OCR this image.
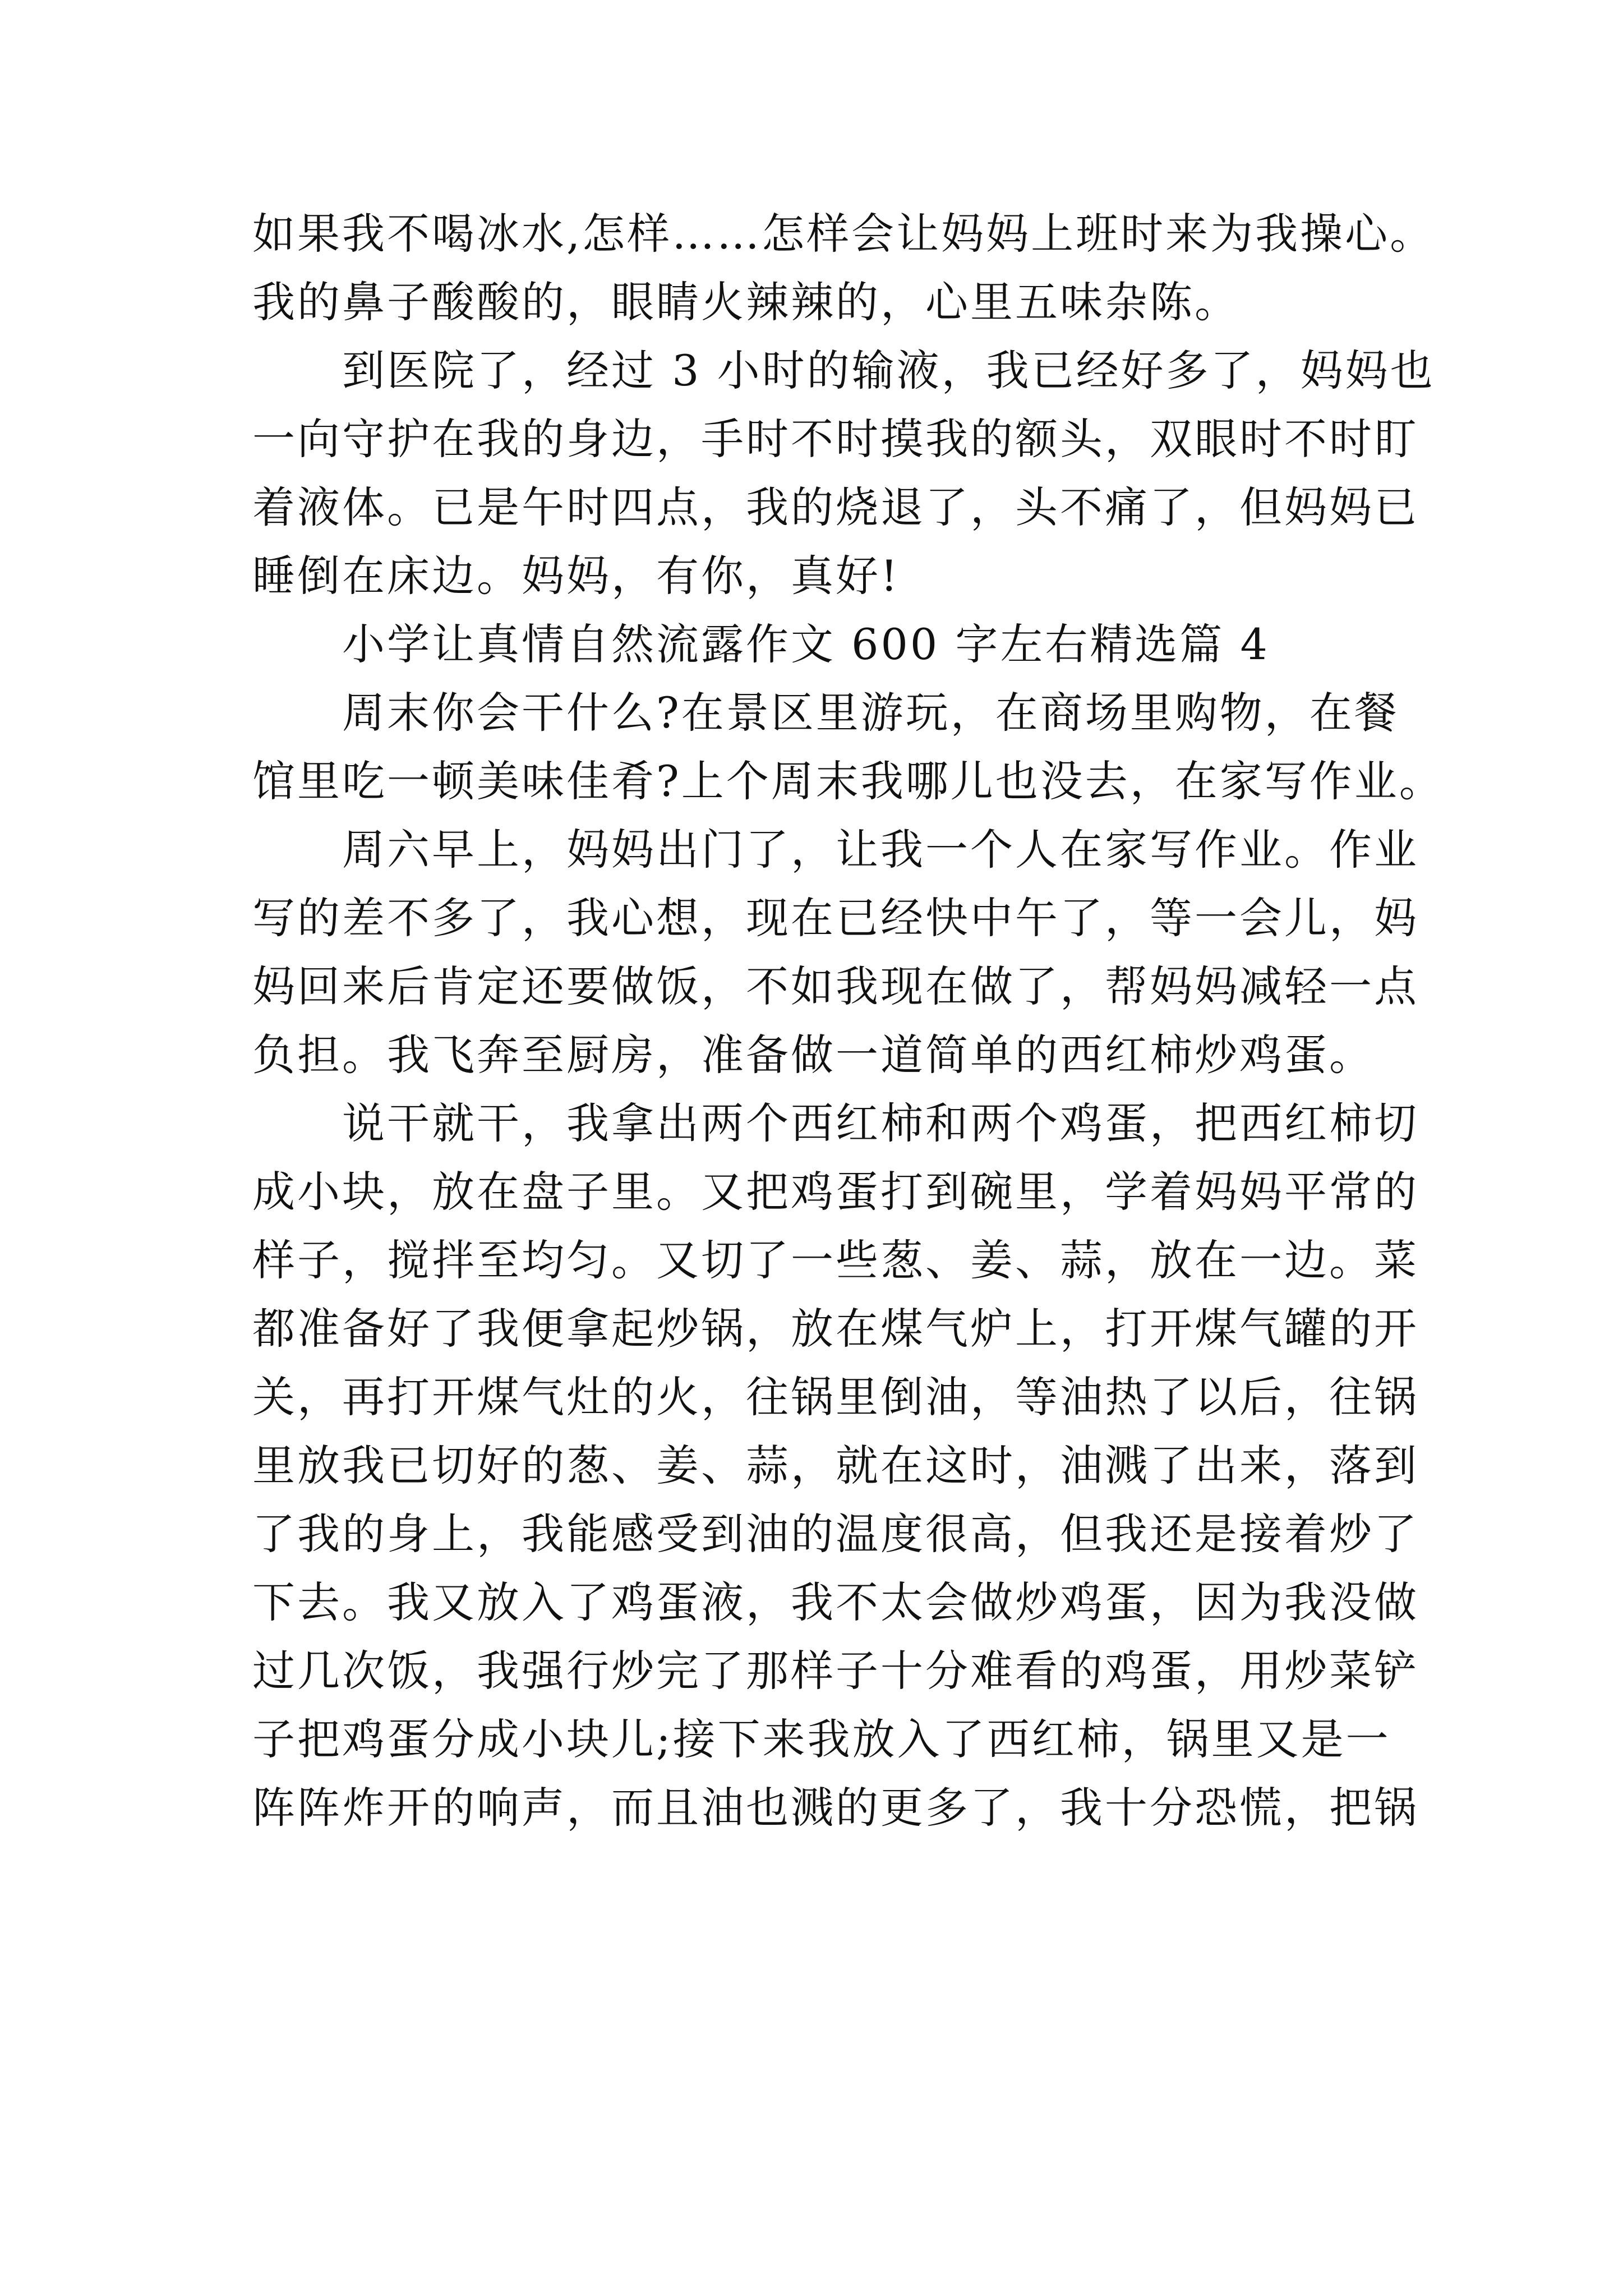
如果我不喝冰水,怎样……怎样会让妈妈上班时来为我操心。
我的鼻子酸酸的，眼睛火辣辣的，心里五味杂陈。
到医院了，经过 3 小时的输液，我已经好多了，妈妈也
一向守护在我的身边，手时不时摸我的额头，双眼时不时盯
着液体。已是午时四点，我的烧退了，头不痛了，但妈妈已
睡倒在床边。妈妈，有你，真好!
小学让真情自然流露作文 600 字左右精选篇 4
周末你会干什么?在景区里游玩，在商场里购物，在餐
馆里吃一顿美味佳肴?上个周末我哪儿也没去，在家写作业。
周六早上，妈妈出门了，让我一个人在家写作业。作业
写的差不多了，我心想，现在已经快中午了，等一会儿，妈
妈回来后肯定还要做饭，不如我现在做了，帮妈妈减轻一点
负担。我飞奔至厨房，准备做一道简单的西红柿炒鸡蛋。
说干就干，我拿出两个西红柿和两个鸡蛋，把西红柿切
成小块，放在盘子里。又把鸡蛋打到碗里，学着妈妈平常的
样子，搅拌至均匀。又切了一些葱、姜、蒜，放在一边。菜
都准备好了我便拿起炒锅，放在煤气炉上，打开煤气罐的开
关，再打开煤气灶的火，往锅里倒油，等油热了以后，往锅
里放我已切好的葱、姜、蒜，就在这时，油溅了出来，落到
了我的身上，我能感受到油的温度很高，但我还是接着炒了
下去。我又放入了鸡蛋液，我不太会做炒鸡蛋，因为我没做
过几次饭，我强行炒完了那样子十分难看的鸡蛋，用炒菜铲
子把鸡蛋分成小块儿;接下来我放入了西红柿，锅里又是一
阵阵炸开的响声，而且油也溅的更多了，我十分恐慌，把锅
